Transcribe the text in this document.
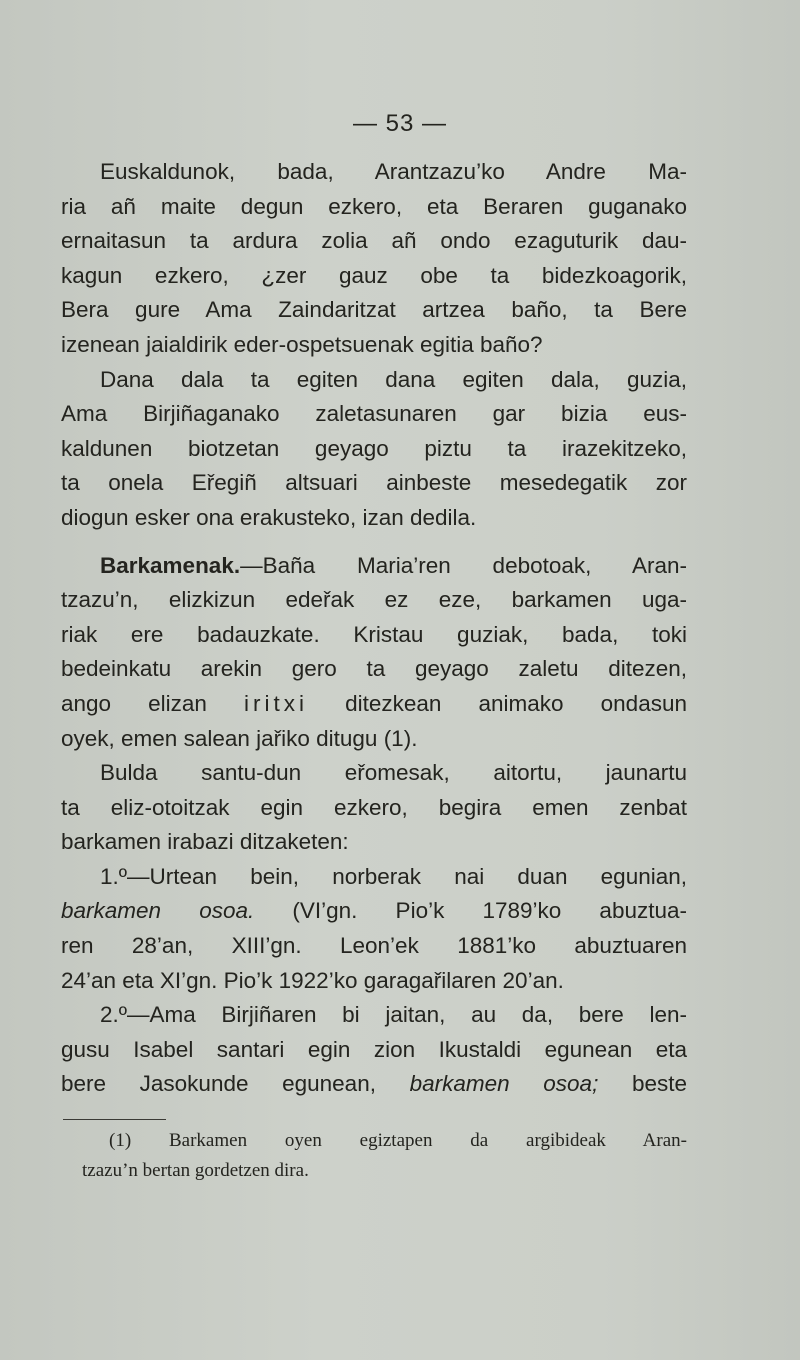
— 53 —

Euskaldunok, bada, Arantzazu’ko Andre Ma-

ria añ maite degun ezkero, eta Beraren guganako

ernaitasun ta ardura zolia añ ondo ezaguturik dau-

kagun ezkero, ¿zer gauz obe ta bidezkoagorik,

Bera gure Ama Zaindaritzat artzea baño, ta Bere

izenean jaialdirik eder-ospetsuenak egitia baño?

Dana dala ta egiten dana egiten dala, guzia,

Ama Birjiñaganako zaletasunaren gar bizia eus-

kaldunen biotzetan geyago piztu ta irazekitzeko,

ta onela Eřegiñ altsuari ainbeste mesedegatik zor

diogun esker ona erakusteko, izan dedila.

Barkamenak.—Baña Maria’ren debotoak, Aran-

tzazu’n, elizkizun edeřak ez eze, barkamen uga-

riak ere badauzkate. Kristau guziak, bada, toki

bedeinkatu arekin gero ta geyago zaletu ditezen,

ango elizan iritxi ditezkean animako ondasun

oyek, emen salean jařiko ditugu (1).

Bulda santu-dun eřomesak, aitortu, jaunartu

ta eliz-otoitzak egin ezkero, begira emen zenbat

barkamen irabazi ditzaketen:

1.º—Urtean bein, norberak nai duan egunian,

barkamen osoa. (VI’gn. Pio’k 1789’ko abuztua-

ren 28’an, XIII’gn. Leon’ek 1881’ko abuztuaren

24’an eta XI’gn. Pio’k 1922’ko garagařilaren 20’an.

2.º—Ama Birjiñaren bi jaitan, au da, bere len-

gusu Isabel santari egin zion Ikustaldi egunean eta

bere Jasokunde egunean, barkamen osoa; beste

(1) Barkamen oyen egiztapen da argibideak Aran-

tzazu’n bertan gordetzen dira.
